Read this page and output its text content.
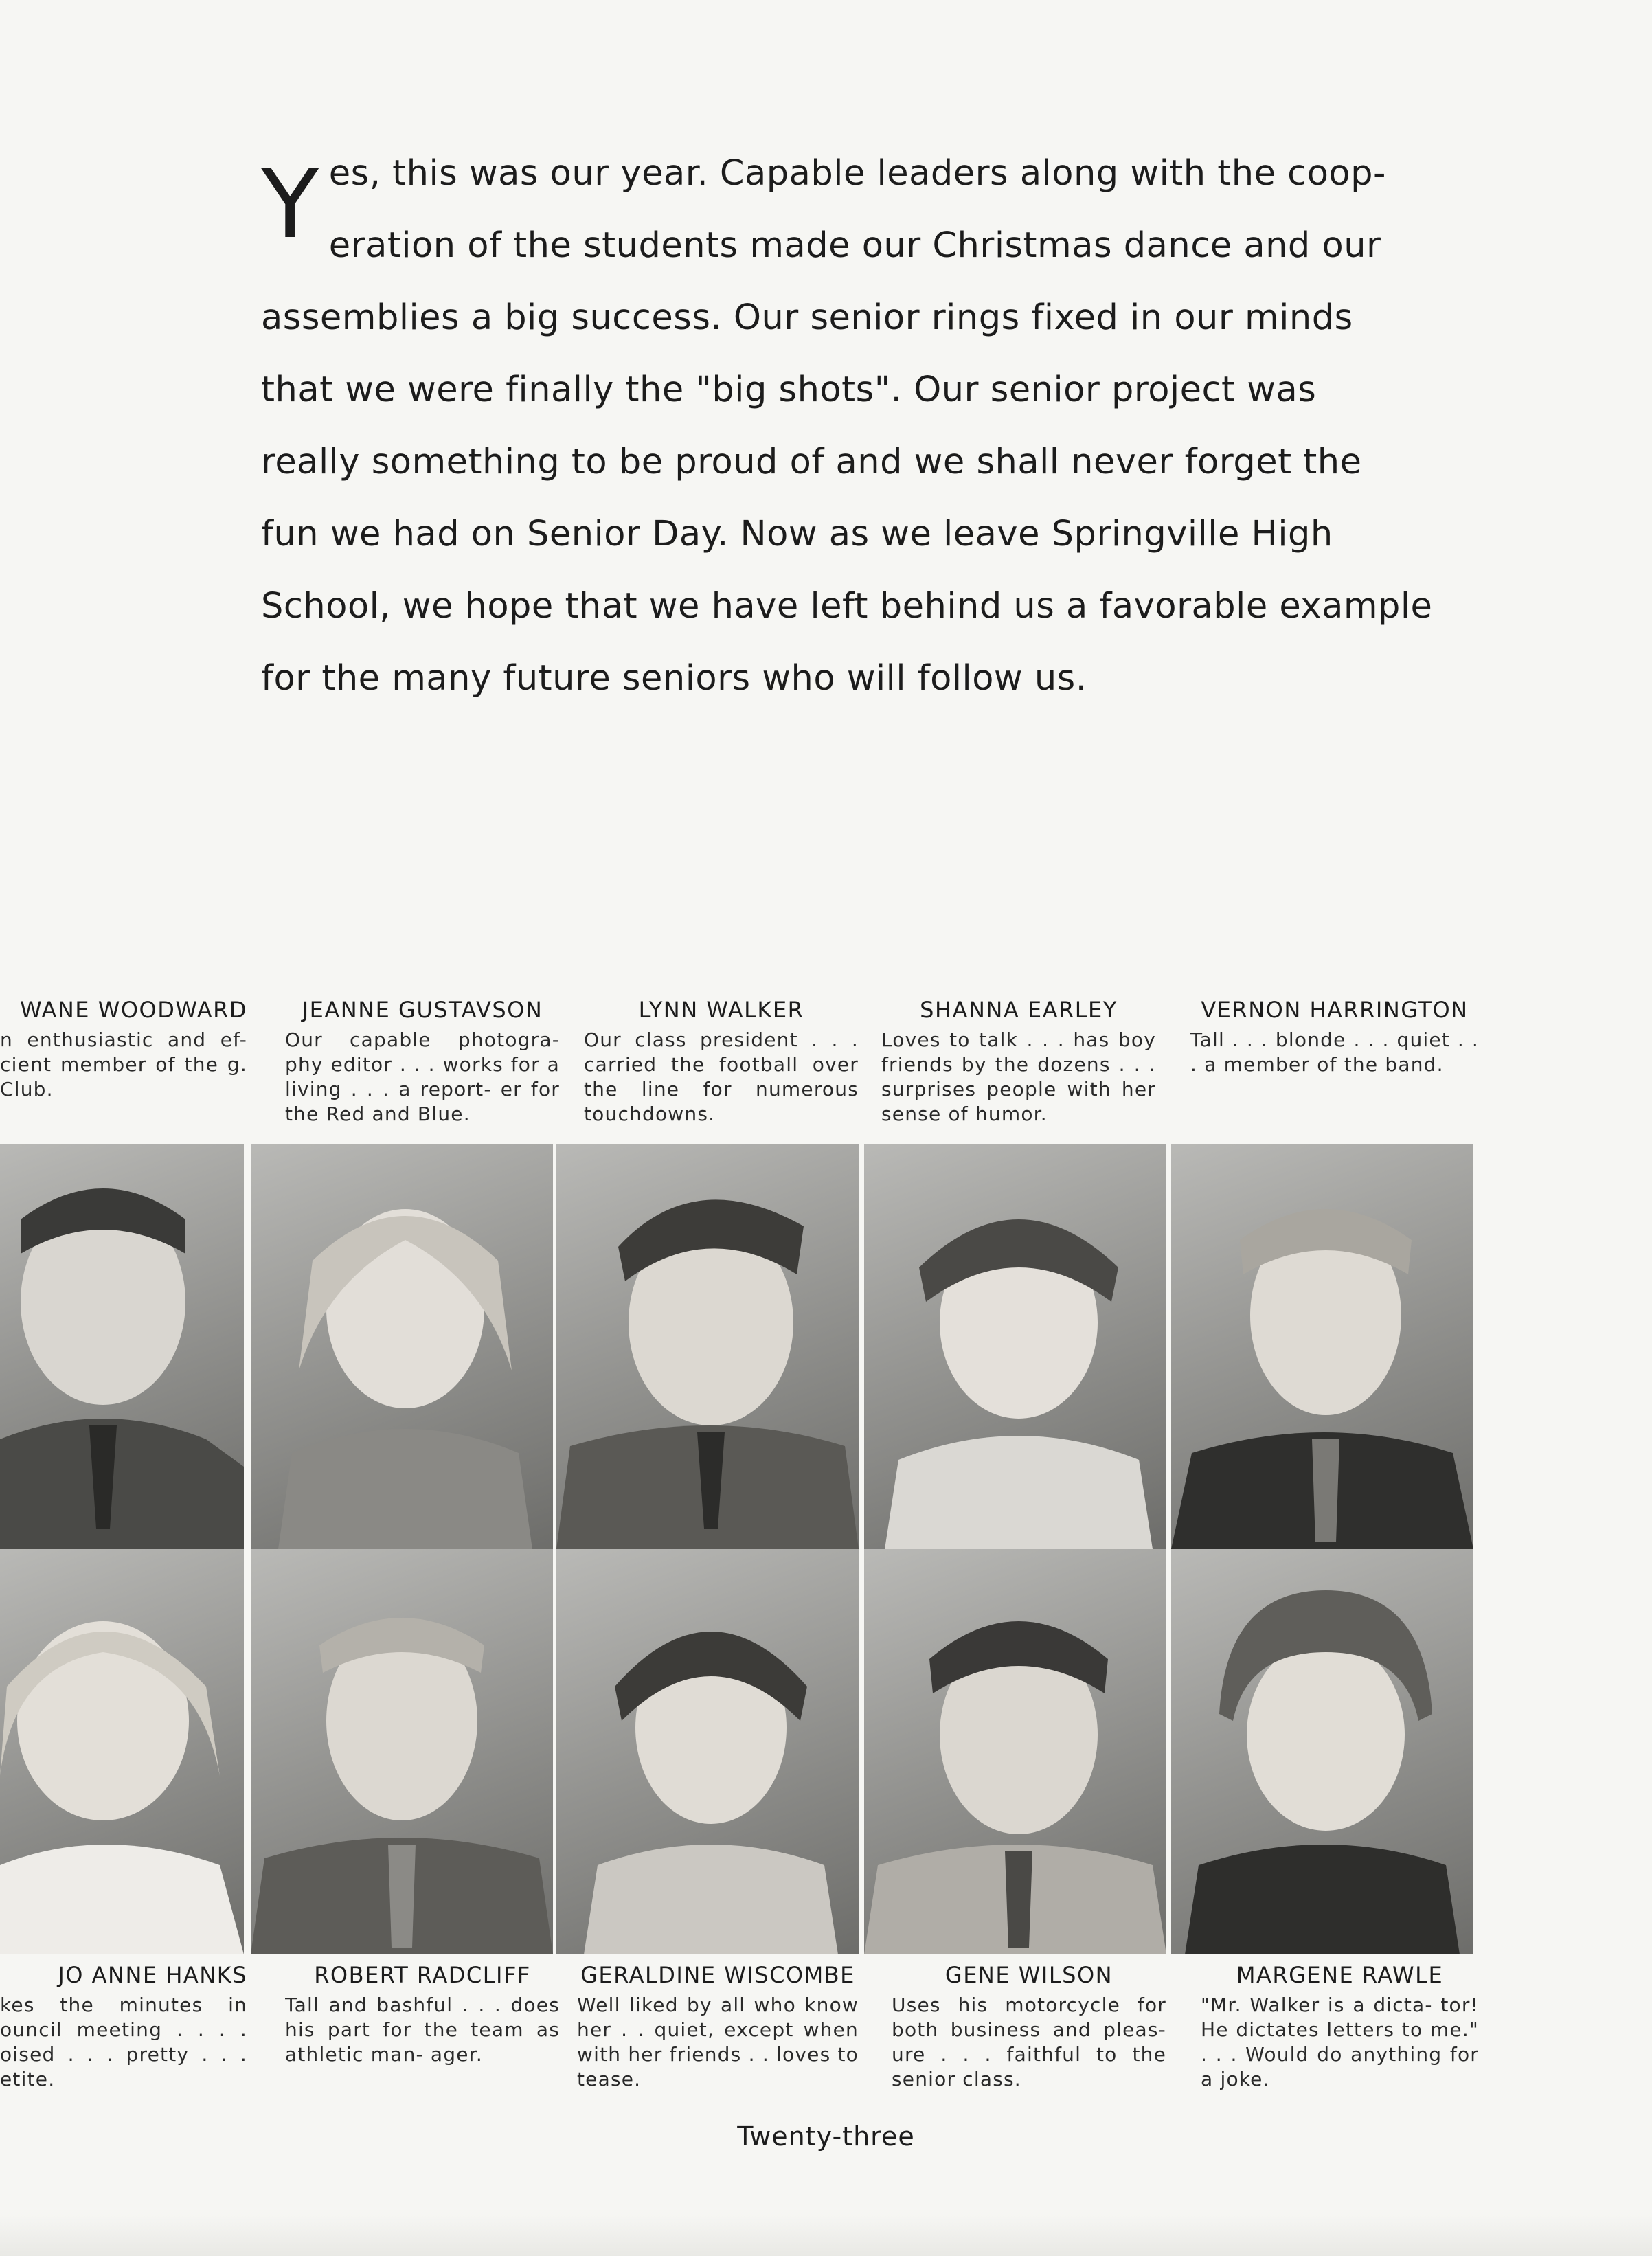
Y es, this was our year. Capable leaders along with the coop-
eration of the students made our Christmas dance and our
assemblies a big success. Our senior rings fixed in our minds
that we were finally the "big shots". Our senior project was
really something to be proud of and we shall never forget the
fun we had on Senior Day. Now as we leave Springville High
School, we hope that we have left behind us a favorable example
for the many future seniors who will follow us.
WANE WOODWARD
n enthusiastic and ef- cient member of the g. Club.
JEANNE GUSTAVSON
Our capable photogra- phy editor . . . works for a living . . . a report- er for the Red and Blue.
LYNN WALKER
Our class president . . . carried the football over the line for numerous touchdowns.
SHANNA EARLEY
Loves to talk . . . has boy friends by the dozens . . . surprises people with her sense of humor.
VERNON HARRINGTON
Tall . . . blonde . . . quiet . . . a member of the band.
JO ANNE HANKS
kes the minutes in ouncil meeting . . . . oised . . . pretty . . . etite.
ROBERT RADCLIFF
Tall and bashful . . . does his part for the team as athletic man- ager.
GERALDINE WISCOMBE
Well liked by all who know her . . quiet, except when with her friends . . loves to tease.
GENE WILSON
Uses his motorcycle for both business and pleas- ure . . . faithful to the senior class.
MARGENE RAWLE
"Mr. Walker is a dicta- tor! He dictates letters to me." . . . Would do anything for a joke.
Twenty-three
